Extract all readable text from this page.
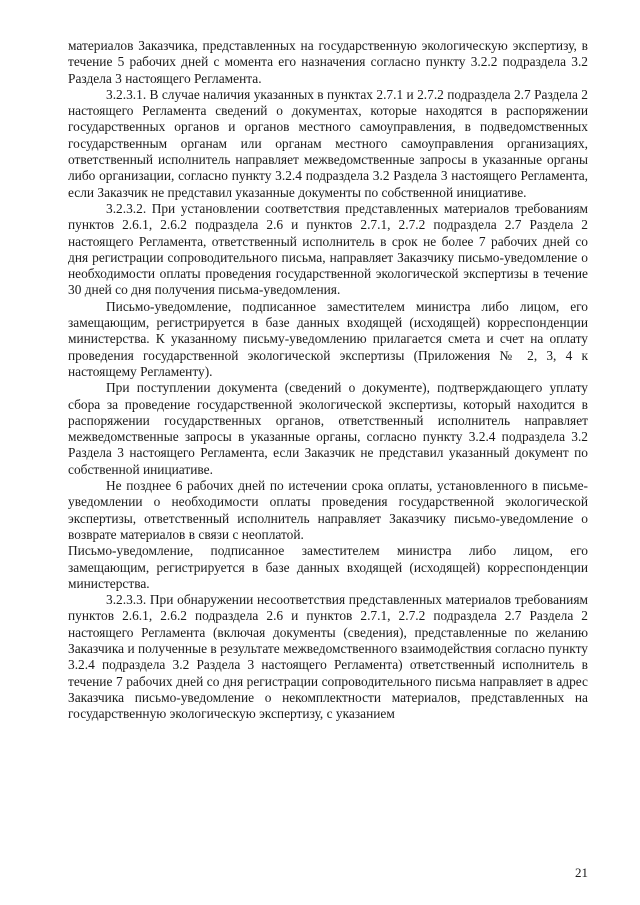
материалов Заказчика, представленных на государственную экологическую экспертизу, в течение 5 рабочих дней с момента его назначения согласно пункту 3.2.2 подраздела 3.2 Раздела 3 настоящего Регламента.

3.2.3.1. В случае наличия указанных в пунктах 2.7.1 и 2.7.2 подраздела 2.7 Раздела 2 настоящего Регламента сведений о документах, которые находятся в распоряжении государственных органов и органов местного самоуправления, в подведомственных государственным органам или органам местного самоуправления организациях, ответственный исполнитель направляет межведомственные запросы в указанные органы либо организации, согласно пункту 3.2.4 подраздела 3.2 Раздела 3 настоящего Регламента, если Заказчик не представил указанные документы по собственной инициативе.

3.2.3.2. При установлении соответствия представленных материалов требованиям пунктов 2.6.1, 2.6.2 подраздела 2.6 и пунктов 2.7.1, 2.7.2 подраздела 2.7 Раздела 2 настоящего Регламента, ответственный исполнитель в срок не более 7 рабочих дней со дня регистрации сопроводительного письма, направляет Заказчику письмо-уведомление о необходимости оплаты проведения государственной экологической экспертизы в течение 30 дней со дня получения письма-уведомления.

Письмо-уведомление, подписанное заместителем министра либо лицом, его замещающим, регистрируется в базе данных входящей (исходящей) корреспонденции министерства. К указанному письму-уведомлению прилагается смета и счет на оплату проведения государственной экологической экспертизы (Приложения № 2, 3, 4 к настоящему Регламенту).

При поступлении документа (сведений о документе), подтверждающего уплату сбора за проведение государственной экологической экспертизы, который находится в распоряжении государственных органов, ответственный исполнитель направляет межведомственные запросы в указанные органы, согласно пункту 3.2.4 подраздела 3.2 Раздела 3 настоящего Регламента, если Заказчик не представил указанный документ по собственной инициативе.

Не позднее 6 рабочих дней по истечении срока оплаты, установленного в письме-уведомлении о необходимости оплаты проведения государственной экологической экспертизы, ответственный исполнитель направляет Заказчику письмо-уведомление о возврате материалов в связи с неоплатой.

Письмо-уведомление, подписанное заместителем министра либо лицом, его замещающим, регистрируется в базе данных входящей (исходящей) корреспонденции министерства.

3.2.3.3. При обнаружении несоответствия представленных материалов требованиям пунктов 2.6.1, 2.6.2 подраздела 2.6 и пунктов 2.7.1, 2.7.2 подраздела 2.7 Раздела 2 настоящего Регламента (включая документы (сведения), представленные по желанию Заказчика и полученные в результате межведомственного взаимодействия согласно пункту 3.2.4 подраздела 3.2 Раздела 3 настоящего Регламента) ответственный исполнитель в течение 7 рабочих дней со дня регистрации сопроводительного письма направляет в адрес Заказчика письмо-уведомление о некомплектности материалов, представленных на государственную экологическую экспертизу, с указанием

21
